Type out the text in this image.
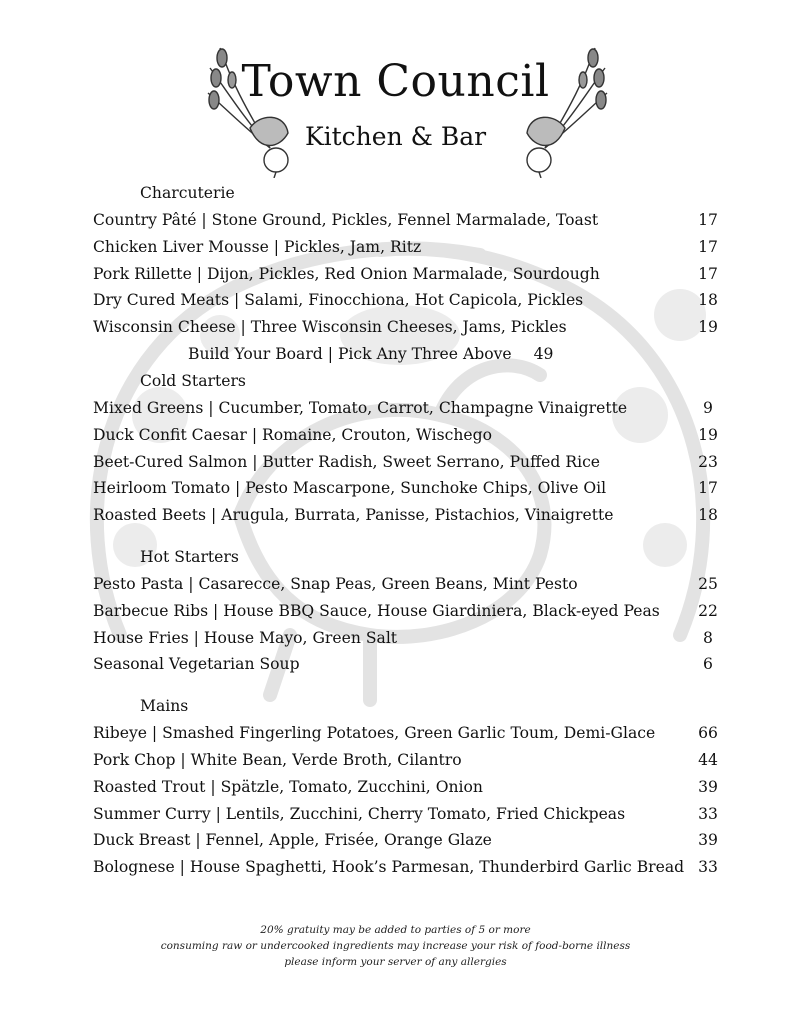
Town Council
Kitchen & Bar
Charcuterie
Country Pâté | Stone Ground, Pickles, Fennel Marmalade, Toast	17
Chicken Liver Mousse | Pickles, Jam, Ritz	17
Pork Rillette | Dijon, Pickles, Red Onion Marmalade, Sourdough	17
Dry Cured Meats | Salami, Finocchiona, Hot Capicola, Pickles	18
Wisconsin Cheese | Three Wisconsin Cheeses, Jams, Pickles	19
Build Your Board | Pick Any Three Above 49
Cold Starters
Mixed Greens | Cucumber, Tomato, Carrot, Champagne Vinaigrette	9
Duck Confit Caesar | Romaine, Crouton, Wischego	19
Beet-Cured Salmon | Butter Radish, Sweet Serrano, Puffed Rice	23
Heirloom Tomato | Pesto Mascarpone, Sunchoke Chips, Olive Oil	17
Roasted Beets | Arugula, Burrata, Panisse, Pistachios, Vinaigrette	18
Hot Starters
Pesto Pasta | Casarecce, Snap Peas, Green Beans, Mint Pesto	25
Barbecue Ribs | House BBQ Sauce, House Giardiniera, Black-eyed Peas	22
House Fries | House Mayo, Green Salt	8
Seasonal Vegetarian Soup	6
Mains
Ribeye | Smashed Fingerling Potatoes, Green Garlic Toum, Demi-Glace	66
Pork Chop | White Bean, Verde Broth, Cilantro	44
Roasted Trout | Spätzle, Tomato, Zucchini, Onion	39
Summer Curry | Lentils, Zucchini, Cherry Tomato, Fried Chickpeas	33
Duck Breast | Fennel, Apple, Frisée, Orange Glaze	39
Bolognese | House Spaghetti, Hook’s Parmesan, Thunderbird Garlic Bread 33
20% gratuity may be added to parties of 5 or more
consuming raw or undercooked ingredients may increase your risk of food-borne illness
please inform your server of any allergies
